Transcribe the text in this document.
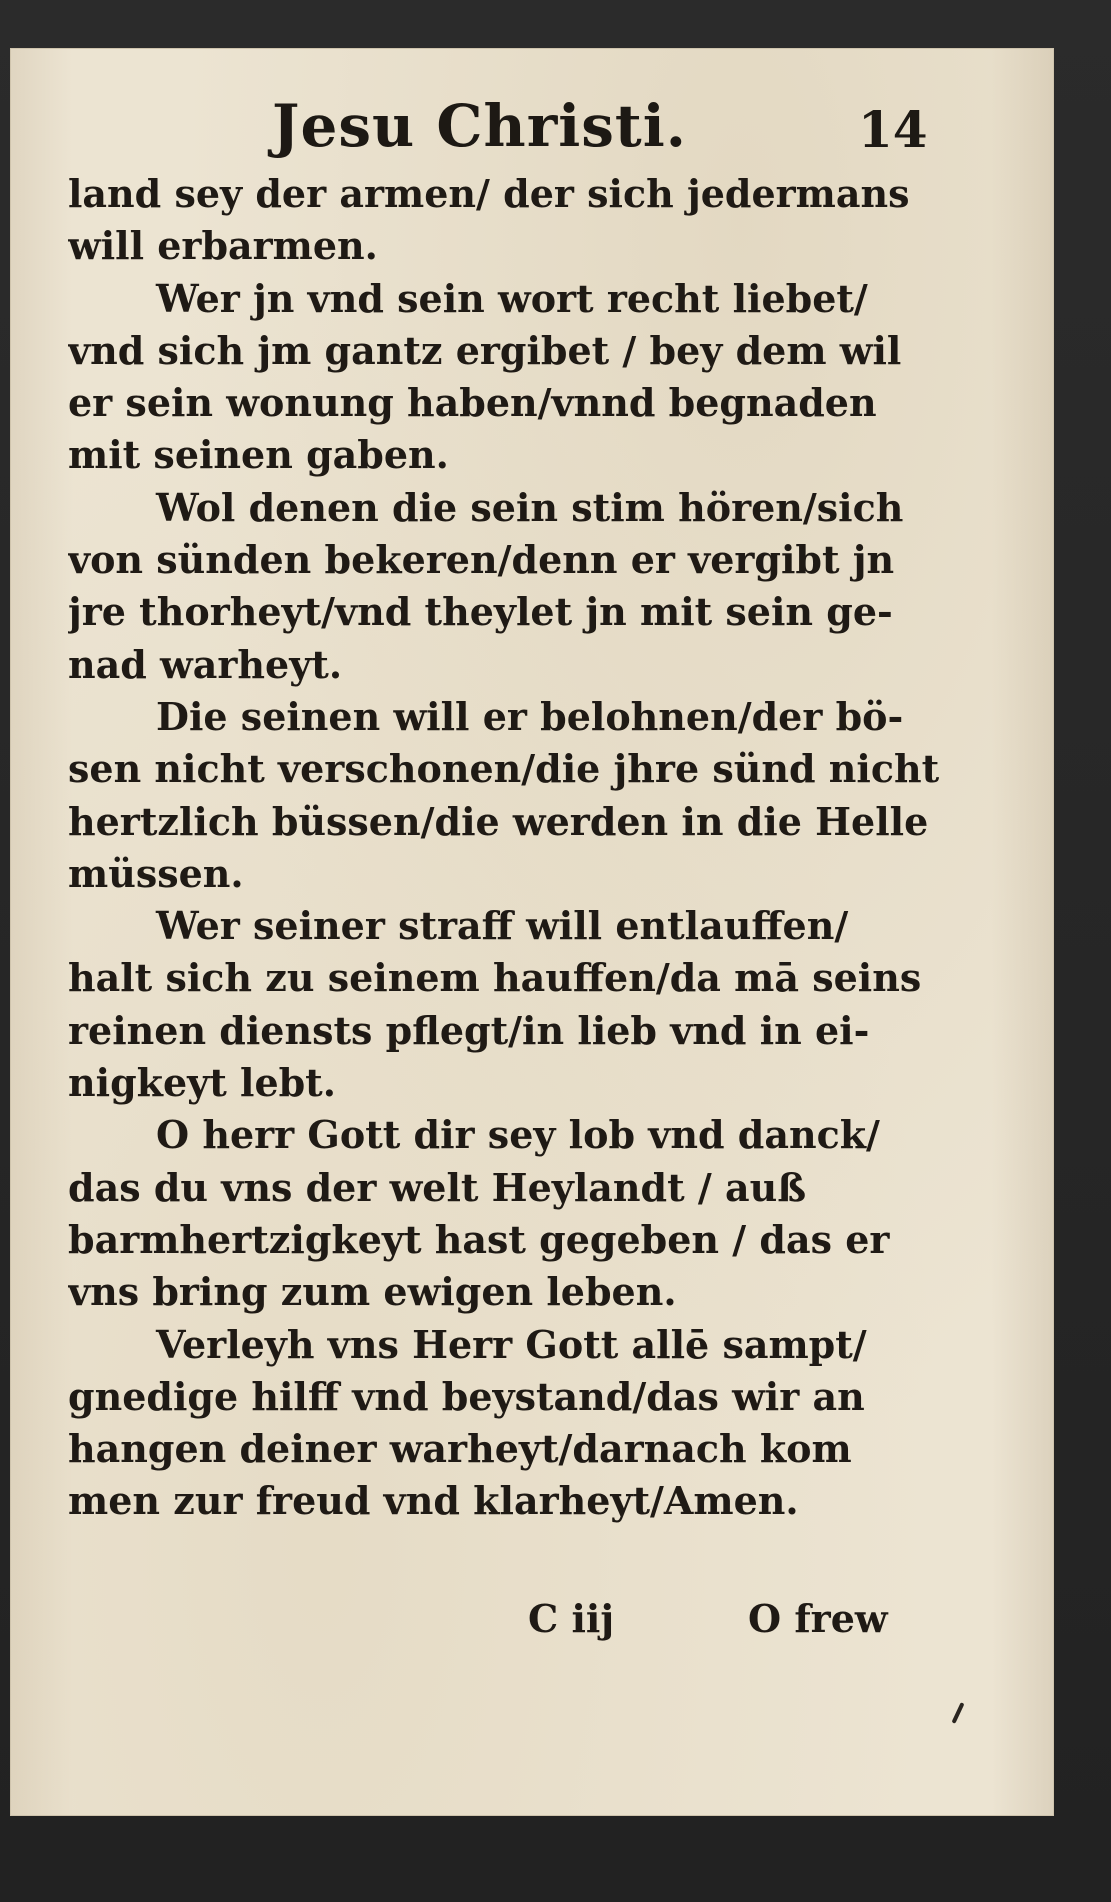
Jesu Christi.	14
land sey der armen/ der sich jedermans
will erbarmen.
Wer jn vnd sein wort recht liebet/
vnd sich jm gantz ergibet / bey dem wil
er sein wonung haben/vnnd begnaden
mit seinen gaben.
Wol denen die sein stim hören/sich
von sünden bekeren/denn er vergibt jn
jre thorheyt/vnd theylet jn mit sein ge-
nad warheyt.
Die seinen will er belohnen/der bö-
sen nicht verschonen/die jhre sünd nicht
hertzlich büssen/die werden in die Helle
müssen.
Wer seiner straff will entlauffen/
halt sich zu seinem hauffen/da mā seins
reinen diensts pflegt/in lieb vnd in ei-
nigkeyt lebt.
O herr Gott dir sey lob vnd danck/
das du vns der welt Heylandt / auß
barmhertzigkeyt hast gegeben / das er
vns bring zum ewigen leben.
Verleyh vns Herr Gott allē sampt/
gnedige hilff vnd beystand/das wir an
hangen deiner warheyt/darnach kom
men zur freud vnd klarheyt/Amen.
C iij	O frew
